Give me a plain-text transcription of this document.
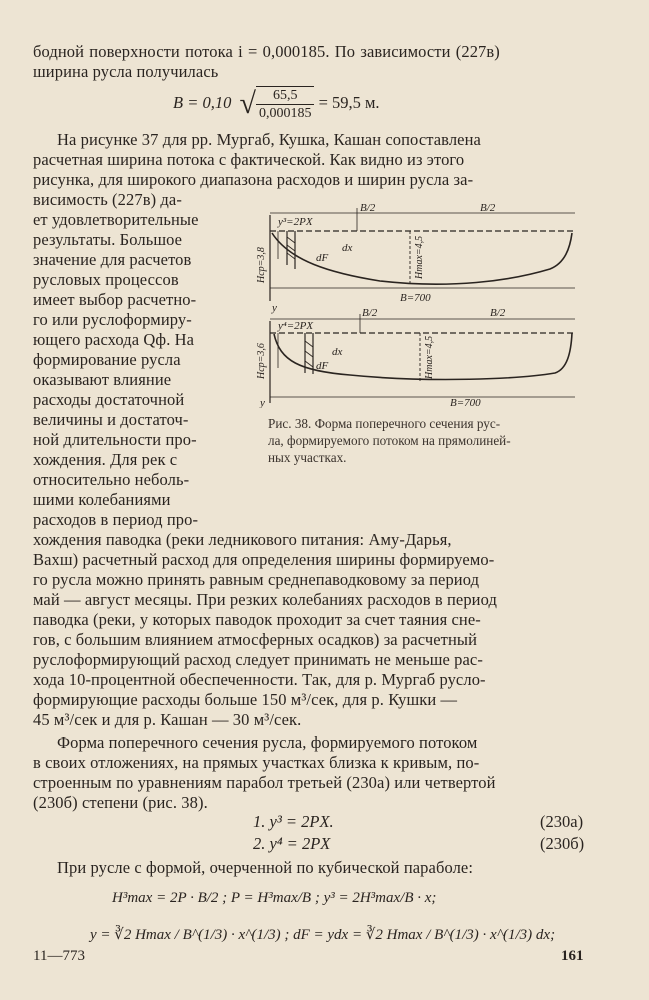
бодной поверхности потока i = 0,000185. По зависимости (227в)
ширина русла получилась
B = 0,10 √ $\frac{65,5}{0,000185} = 59,5$ м.
На рисунке 37 для рр. Мургаб, Кушка, Кашан сопоставлена
расчетная ширина потока с фактической. Как видно из этого
рисунка, для широкого диапазона расходов и ширин русла за-
висимость (227в) да-
ет удовлетворительные
результаты. Большое
значение для расчетов
русловых процессов
имеет выбор расчетно-
го или руслоформиру-
ющего расхода Qф. На
формирование русла
оказывают влияние
расходы достаточной
величины и достаточ-
ной длительности про-
хождения. Для рек с
относительно неболь-
шими колебаниями
расходов в период про-
y³=2PX
B/2	B/2
B=700
dx
dF
y
Hср=3,8	Hmax=4,5
y⁴=2PX
B/2	B/2
B=700
dx
dF
y
Hср=3,6	Hmax=4,5
Рис. 38. Форма поперечного сечения рус-
ла, формируемого потоком на прямолиней-
ных участках.
хождения паводка (реки ледникового питания: Аму-Дарья,
Вахш) расчетный расход для определения ширины формируемо-
го русла можно принять равным среднепаводковому за период
май — август месяцы. При резких колебаниях расходов в период
паводка (реки, у которых паводок проходит за счет таяния сне-
гов, с большим влиянием атмосферных осадков) за расчетный
руслоформирующий расход следует принимать не меньше рас-
хода 10-процентной обеспеченности. Так, для р. Мургаб русло-
формирующие расходы больше 150 м³/сек, для р. Кушки —
45 м³/сек и для р. Кашан — 30 м³/сек.
Форма поперечного сечения русла, формируемого потоком
в своих отложениях, на прямых участках близка к кривым, по-
строенным по уравнениям парабол третьей (230а) или четвертой
(230б) степени (рис. 38).
1. y³ = 2PX.	(230а)
2. y⁴ = 2PX	(230б)
При русле с формой, очерченной по кубической параболе:
H³max = 2P · B/2 ; P = H³max/B ; y³ = 2H³max/B · x;
y = ∛2 Hmax / B^(1/3) · x^(1/3) ; dF = ydx = ∛2 Hmax / B^(1/3) · x^(1/3) dx;
11—773	161
